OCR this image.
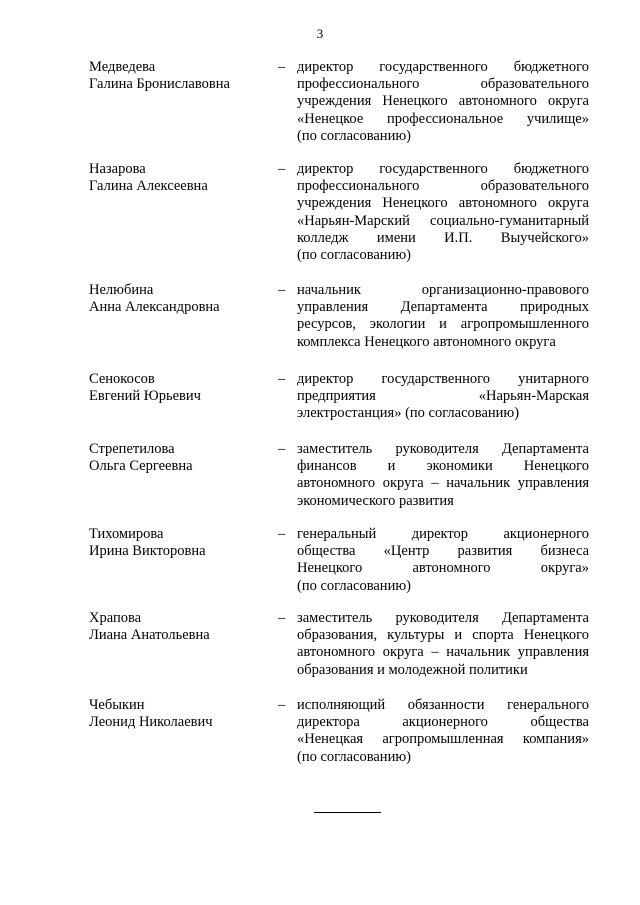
3
Медведева
Галина Брониславовна
– директор государственного бюджетного
профессионального образовательного
учреждения Ненецкого автономного округа
«Ненецкое профессиональное училище»
(по согласованию)
Назарова
Галина Алексеевна
– директор государственного бюджетного
профессионального образовательного
учреждения Ненецкого автономного округа
«Нарьян-Марский социально-гуманитарный
колледж имени И.П. Выучейского»
(по согласованию)
Нелюбина
Анна Александровна
– начальник организационно-правового
управления Департамента природных
ресурсов, экологии и агропромышленного
комплекса Ненецкого автономного округа
Сенокосов
Евгений Юрьевич
– директор государственного унитарного
предприятия «Нарьян-Марская
электростанция» (по согласованию)
Стрепетилова
Ольга Сергеевна
– заместитель руководителя Департамента
финансов и экономики Ненецкого
автономного округа – начальник управления
экономического развития
Тихомирова
Ирина Викторовна
– генеральный директор акционерного
общества «Центр развития бизнеса
Ненецкого автономного округа»
(по согласованию)
Храпова
Лиана Анатольевна
– заместитель руководителя Департамента
образования, культуры и спорта Ненецкого
автономного округа – начальник управления
образования и молодежной политики
Чебыкин
Леонид Николаевич
– исполняющий обязанности генерального
директора акционерного общества
«Ненецкая агропромышленная компания»
(по согласованию)
